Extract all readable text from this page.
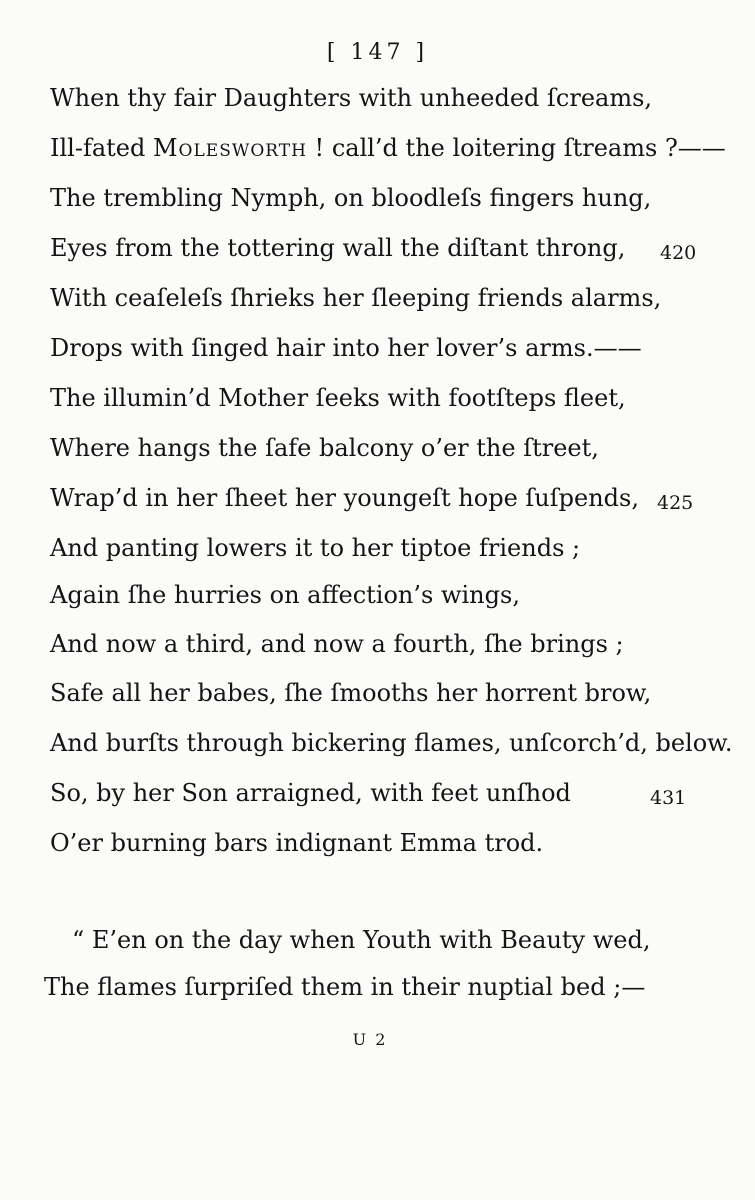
[ 147 ]
When thy fair Daughters with unheeded ſcreams,
Ill-fated Molesworth ! call’d the loitering ſtreams ?——
The trembling Nymph, on bloodleſs fingers hung,
Eyes from the tottering wall the diſtant throng, 420
With ceaſeleſs ſhrieks her ſleeping friends alarms,
Drops with ſinged hair into her lover’s arms.——
The illumin’d Mother ſeeks with footſteps fleet,
Where hangs the ſafe balcony o’er the ſtreet,
Wrap’d in her ſheet her youngeſt hope ſuſpends, 425
And panting lowers it to her tiptoe friends ;
Again ſhe hurries on affection’s wings,
And now a third, and now a fourth, ſhe brings ;
Safe all her babes, ſhe ſmooths her horrent brow,
And burſts through bickering flames, unſcorch’d, below.
So, by her Son arraigned, with feet unſhod	431
O’er burning bars indignant Emma trod.
“ E’en on the day when Youth with Beauty wed,
The flames ſurpriſed them in their nuptial bed ;—
U 2
